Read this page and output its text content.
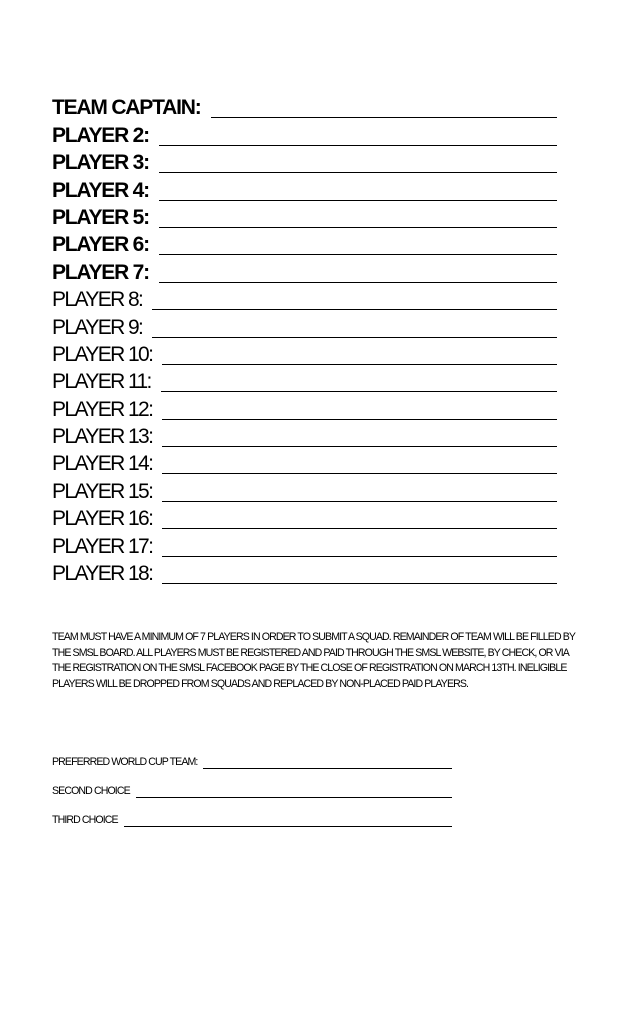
TEAM CAPTAIN:
PLAYER 2:
PLAYER 3:
PLAYER 4:
PLAYER 5:
PLAYER 6:
PLAYER 7:
PLAYER 8:
PLAYER 9:
PLAYER 10:
PLAYER 11:
PLAYER 12:
PLAYER 13:
PLAYER 14:
PLAYER 15:
PLAYER 16:
PLAYER 17:
PLAYER 18:
TEAM MUST HAVE A MINIMUM OF 7 PLAYERS IN ORDER TO SUBMIT A SQUAD. REMAINDER OF TEAM WILL BE FILLED BY THE SMSL BOARD. ALL PLAYERS MUST BE REGISTERED AND PAID THROUGH THE SMSL WEBSITE, BY CHECK, OR VIA THE REGISTRATION ON THE SMSL FACEBOOK PAGE BY THE CLOSE OF REGISTRATION ON MARCH 13TH. INELIGIBLE PLAYERS WILL BE DROPPED FROM SQUADS AND REPLACED BY NON-PLACED PAID PLAYERS.
PREFERRED WORLD CUP TEAM:
SECOND CHOICE
THIRD CHOICE
